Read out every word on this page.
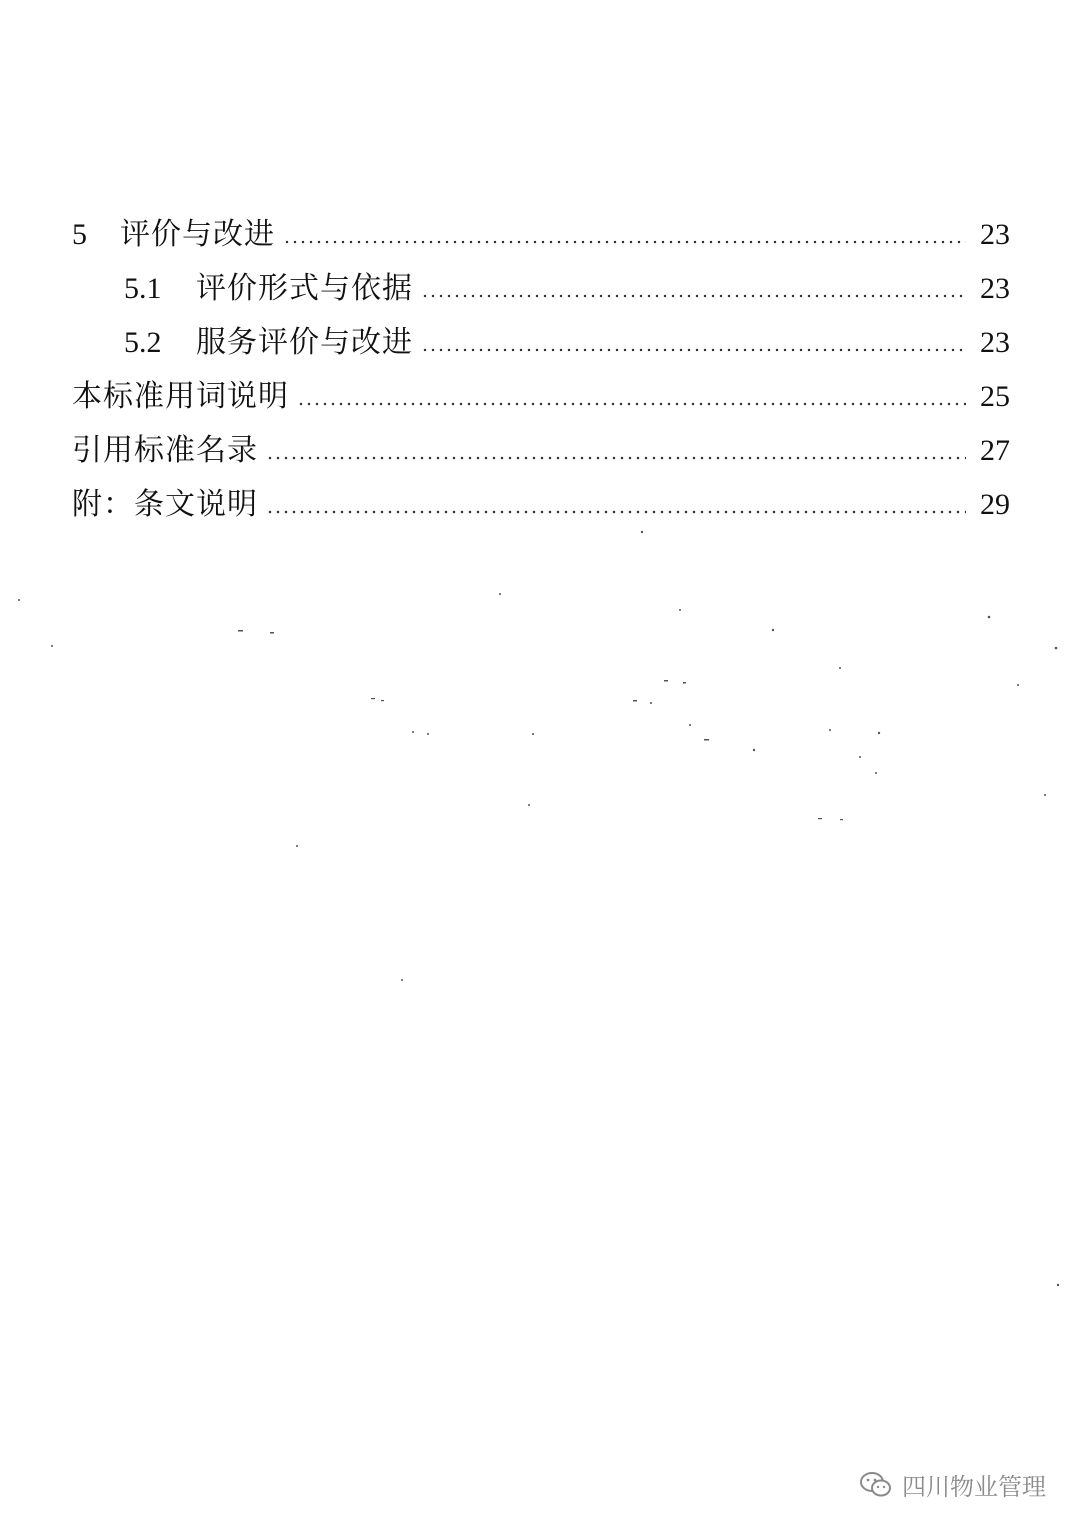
5	评价与改进	23
5.1	评价形式与依据	23
5.2	服务评价与改进	23
本标准用词说明	25
引用标准名录	27
附：条文说明	29
四川物业管理
